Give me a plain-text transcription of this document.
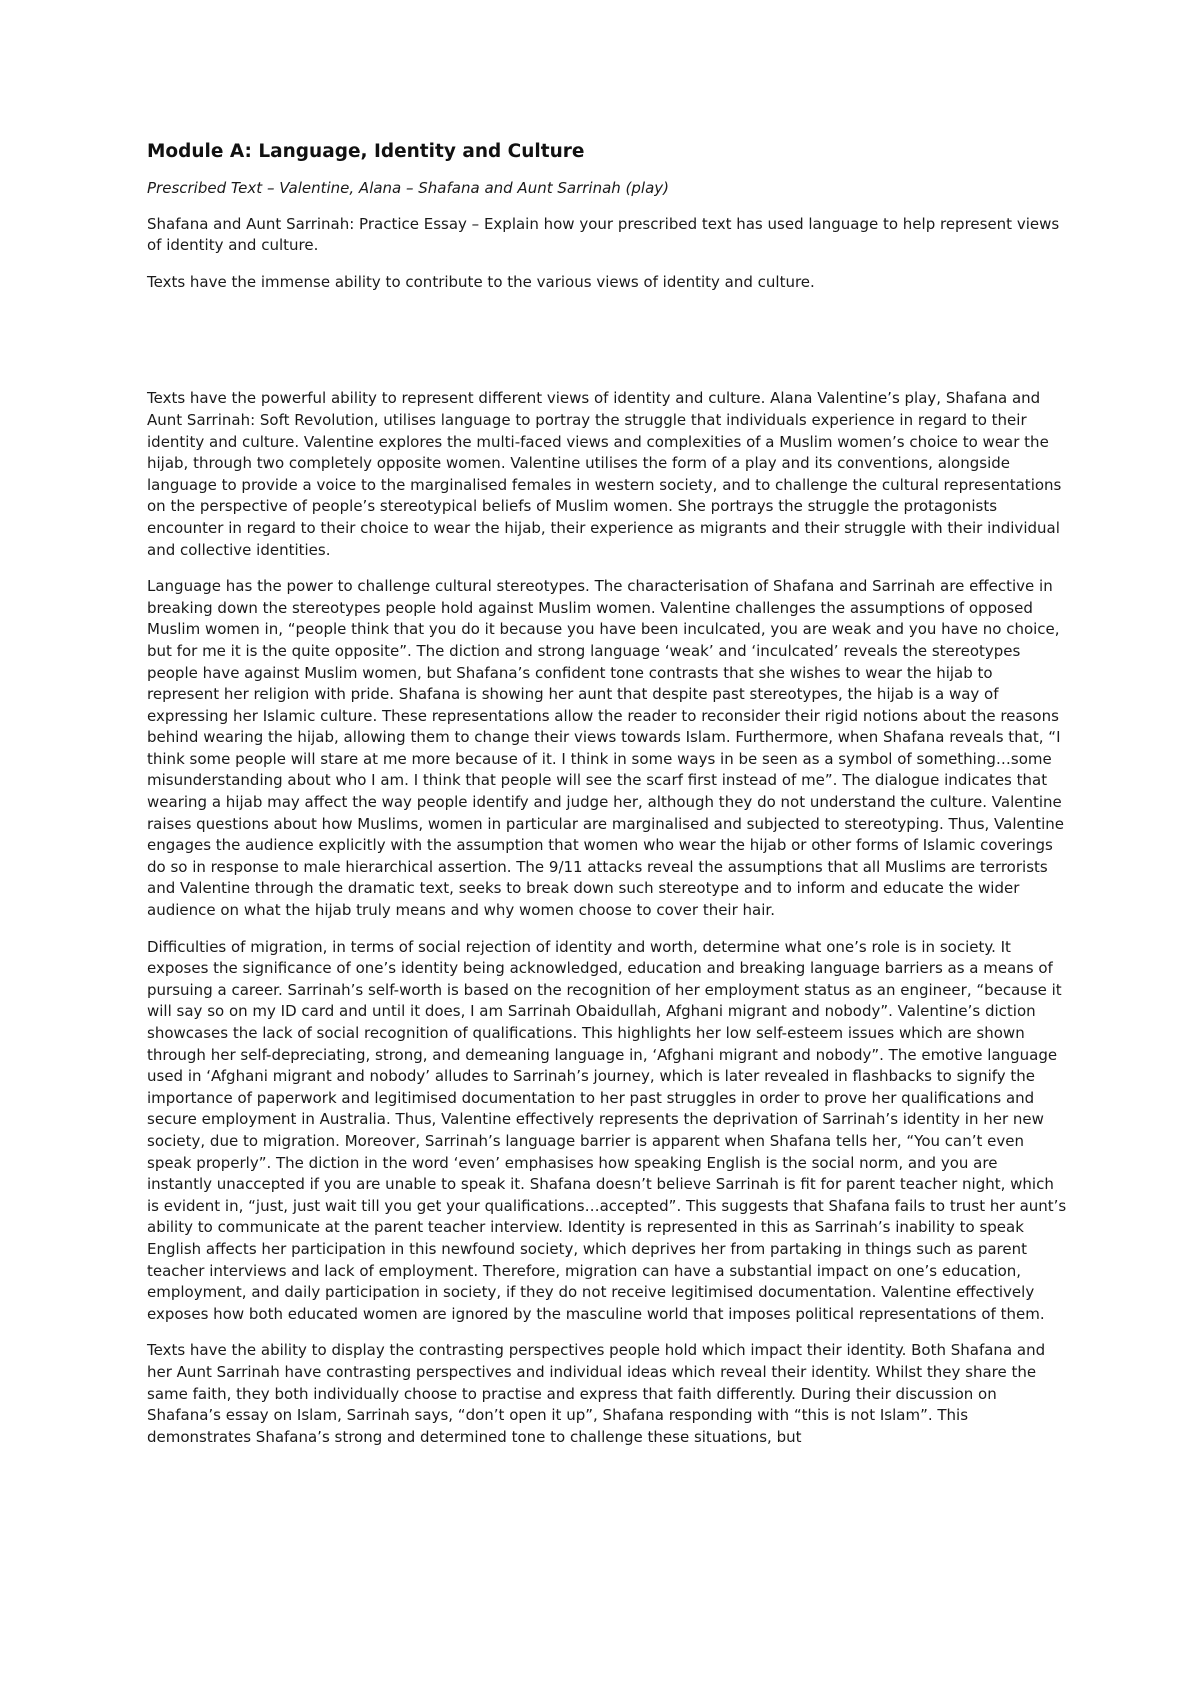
Module A: Language, Identity and Culture
Prescribed Text – Valentine, Alana – Shafana and Aunt Sarrinah (play)
Shafana and Aunt Sarrinah: Practice Essay – Explain how your prescribed text has used language to help represent views of identity and culture.
Texts have the immense ability to contribute to the various views of identity and culture.

Texts have the powerful ability to represent different views of identity and culture. Alana Valentine’s play, Shafana and Aunt Sarrinah: Soft Revolution, utilises language to portray the struggle that individuals experience in regard to their identity and culture. Valentine explores the multi-faced views and complexities of a Muslim women’s choice to wear the hijab, through two completely opposite women. Valentine utilises the form of a play and its conventions, alongside language to provide a voice to the marginalised females in western society, and to challenge the cultural representations on the perspective of people’s stereotypical beliefs of Muslim women. She portrays the struggle the protagonists encounter in regard to their choice to wear the hijab, their experience as migrants and their struggle with their individual and collective identities.

Language has the power to challenge cultural stereotypes. The characterisation of Shafana and Sarrinah are effective in breaking down the stereotypes people hold against Muslim women. Valentine challenges the assumptions of opposed Muslim women in, “people think that you do it because you have been inculcated, you are weak and you have no choice, but for me it is the quite opposite”. The diction and strong language ‘weak’ and ‘inculcated’ reveals the stereotypes people have against Muslim women, but Shafana’s confident tone contrasts that she wishes to wear the hijab to represent her religion with pride. Shafana is showing her aunt that despite past stereotypes, the hijab is a way of expressing her Islamic culture. These representations allow the reader to reconsider their rigid notions about the reasons behind wearing the hijab, allowing them to change their views towards Islam. Furthermore, when Shafana reveals that, “I think some people will stare at me more because of it. I think in some ways in be seen as a symbol of something…some misunderstanding about who I am. I think that people will see the scarf first instead of me”. The dialogue indicates that wearing a hijab may affect the way people identify and judge her, although they do not understand the culture. Valentine raises questions about how Muslims, women in particular are marginalised and subjected to stereotyping. Thus, Valentine engages the audience explicitly with the assumption that women who wear the hijab or other forms of Islamic coverings do so in response to male hierarchical assertion. The 9/11 attacks reveal the assumptions that all Muslims are terrorists and Valentine through the dramatic text, seeks to break down such stereotype and to inform and educate the wider audience on what the hijab truly means and why women choose to cover their hair.

Difficulties of migration, in terms of social rejection of identity and worth, determine what one’s role is in society. It exposes the significance of one’s identity being acknowledged, education and breaking language barriers as a means of pursuing a career. Sarrinah’s self-worth is based on the recognition of her employment status as an engineer, “because it will say so on my ID card and until it does, I am Sarrinah Obaidullah, Afghani migrant and nobody”. Valentine’s diction showcases the lack of social recognition of qualifications. This highlights her low self-esteem issues which are shown through her self-depreciating, strong, and demeaning language in, ‘Afghani migrant and nobody”. The emotive language used in ‘Afghani migrant and nobody’ alludes to Sarrinah’s journey, which is later revealed in flashbacks to signify the importance of paperwork and legitimised documentation to her past struggles in order to prove her qualifications and secure employment in Australia. Thus, Valentine effectively represents the deprivation of Sarrinah’s identity in her new society, due to migration. Moreover, Sarrinah’s language barrier is apparent when Shafana tells her, “You can’t even speak properly”. The diction in the word ‘even’ emphasises how speaking English is the social norm, and you are instantly unaccepted if you are unable to speak it. Shafana doesn’t believe Sarrinah is fit for parent teacher night, which is evident in, “just, just wait till you get your qualifications…accepted”. This suggests that Shafana fails to trust her aunt’s ability to communicate at the parent teacher interview. Identity is represented in this as Sarrinah’s inability to speak English affects her participation in this newfound society, which deprives her from partaking in things such as parent teacher interviews and lack of employment. Therefore, migration can have a substantial impact on one’s education, employment, and daily participation in society, if they do not receive legitimised documentation. Valentine effectively exposes how both educated women are ignored by the masculine world that imposes political representations of them.

Texts have the ability to display the contrasting perspectives people hold which impact their identity. Both Shafana and her Aunt Sarrinah have contrasting perspectives and individual ideas which reveal their identity. Whilst they share the same faith, they both individually choose to practise and express that faith differently. During their discussion on Shafana’s essay on Islam, Sarrinah says, “don’t open it up”, Shafana responding with “this is not Islam”. This demonstrates Shafana’s strong and determined tone to challenge these situations, but
